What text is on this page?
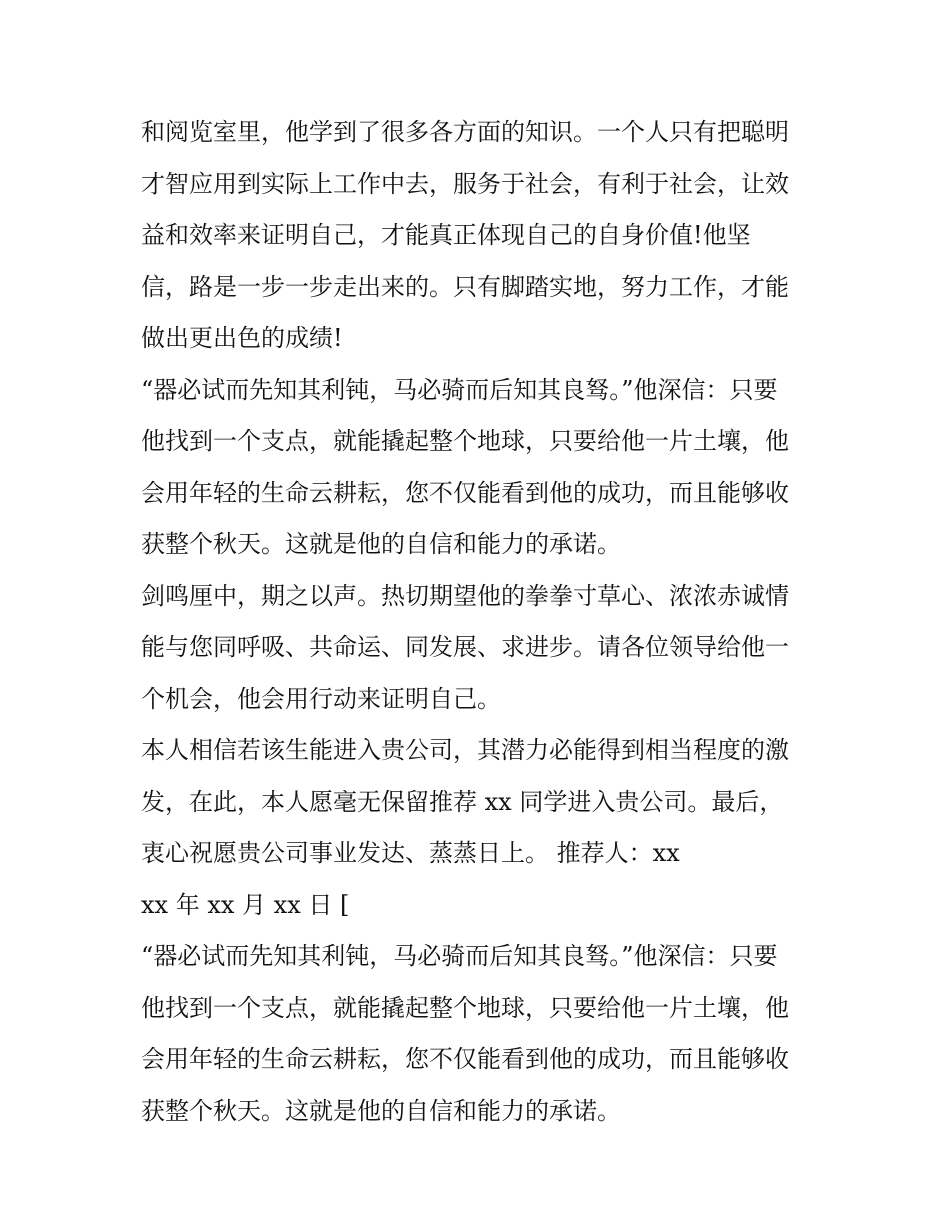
和阅览室里，他学到了很多各方面的知识。一个人只有把聪明
才智应用到实际上工作中去，服务于社会，有利于社会，让效
益和效率来证明自己，才能真正体现自己的自身价值!他坚
信，路是一步一步走出来的。只有脚踏实地，努力工作，才能
做出更出色的成绩!
“器必试而先知其利钝，马必骑而后知其良驽。”他深信：只要
他找到一个支点，就能撬起整个地球，只要给他一片土壤，他
会用年轻的生命云耕耘，您不仅能看到他的成功，而且能够收
获整个秋天。这就是他的自信和能力的承诺。
剑鸣厘中，期之以声。热切期望他的拳拳寸草心、浓浓赤诚情
能与您同呼吸、共命运、同发展、求进步。请各位领导给他一
个机会，他会用行动来证明自己。
本人相信若该生能进入贵公司，其潜力必能得到相当程度的激
发，在此，本人愿毫无保留推荐 xx 同学进入贵公司。最后，
衷心祝愿贵公司事业发达、蒸蒸日上。 推荐人：xx
xx 年 xx 月 xx 日 [
“器必试而先知其利钝，马必骑而后知其良驽。”他深信：只要
他找到一个支点，就能撬起整个地球，只要给他一片土壤，他
会用年轻的生命云耕耘，您不仅能看到他的成功，而且能够收
获整个秋天。这就是他的自信和能力的承诺。
